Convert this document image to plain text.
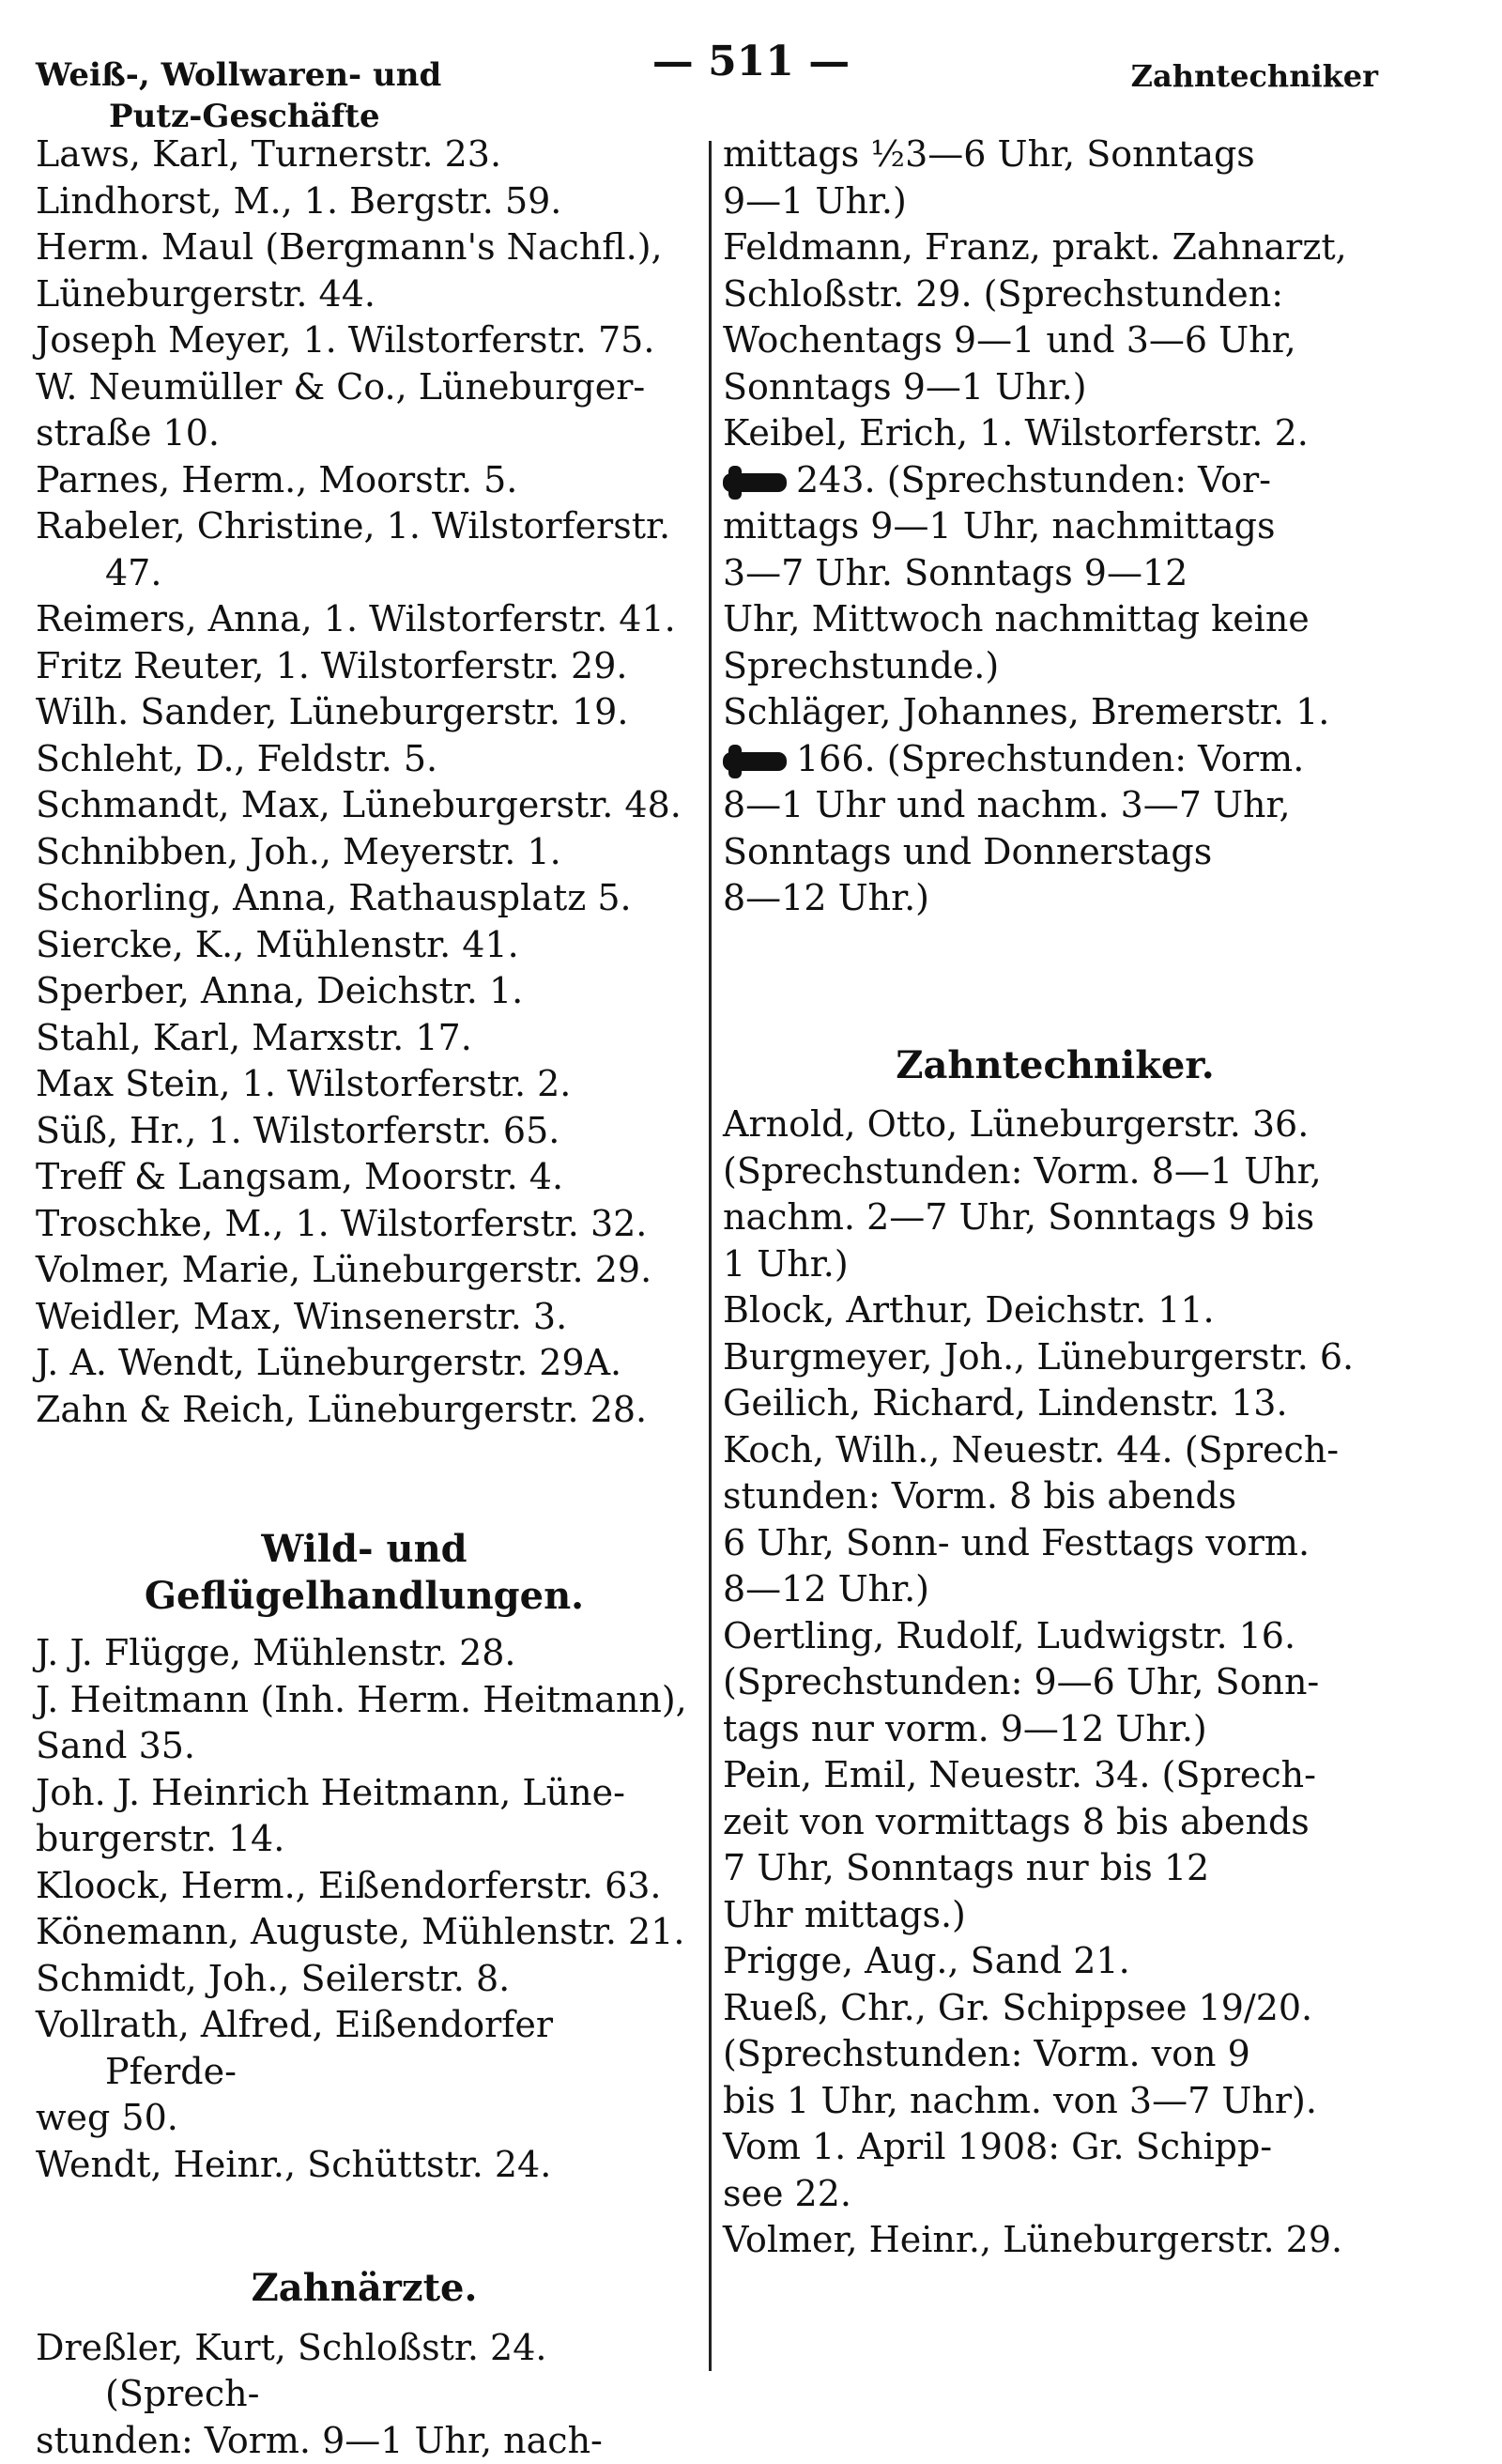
Weiß-, Wollwaren- und
Putz-Geschäfte
— 511 —	Zahntechniker

Laws, Karl, Turnerstr. 23.

Lindhorst, M., 1. Bergstr. 59.

Herm. Maul (Bergmann's Nachfl.),
Lüneburgerstr. 44.

Joseph Meyer, 1. Wilstorferstr. 75.

W. Neumüller & Co., Lüneburger-
straße 10.

Parnes, Herm., Moorstr. 5.

Rabeler, Christine, 1. Wilstorferstr. 47.

Reimers, Anna, 1. Wilstorferstr. 41.

Fritz Reuter, 1. Wilstorferstr. 29.

Wilh. Sander, Lüneburgerstr. 19.

Schleht, D., Feldstr. 5.

Schmandt, Max, Lüneburgerstr. 48.

Schnibben, Joh., Meyerstr. 1.

Schorling, Anna, Rathausplatz 5.

Siercke, K., Mühlenstr. 41.

Sperber, Anna, Deichstr. 1.

Stahl, Karl, Marxstr. 17.

Max Stein, 1. Wilstorferstr. 2.

Süß, Hr., 1. Wilstorferstr. 65.

Treff & Langsam, Moorstr. 4.

Troschke, M., 1. Wilstorferstr. 32.

Volmer, Marie, Lüneburgerstr. 29.

Weidler, Max, Winsenerstr. 3.

J. A. Wendt, Lüneburgerstr. 29A.

Zahn & Reich, Lüneburgerstr. 28.

Wild- und Geflügelhandlungen.

J. J. Flügge, Mühlenstr. 28.

J. Heitmann (Inh. Herm. Heitmann),
Sand 35.

Joh. J. Heinrich Heitmann, Lüne-
burgerstr. 14.

Kloock, Herm., Eißendorferstr. 63.

Könemann, Auguste, Mühlenstr. 21.

Schmidt, Joh., Seilerstr. 8.

Vollrath, Alfred, Eißendorfer Pferde-
weg 50.

Wendt, Heinr., Schüttstr. 24.

Zahnärzte.

Dreßler, Kurt, Schloßstr. 24. (Sprech-
stunden: Vorm. 9—1 Uhr, nach-

mittags ½3—6 Uhr, Sonntags
9—1 Uhr.)

Feldmann, Franz, prakt. Zahnarzt,
Schloßstr. 29. (Sprechstunden:
Wochentags 9—1 und 3—6 Uhr,
Sonntags 9—1 Uhr.)

Keibel, Erich, 1. Wilstorferstr. 2.
243. (Sprechstunden: Vor-
mittags 9—1 Uhr, nachmittags
3—7 Uhr. Sonntags 9—12
Uhr, Mittwoch nachmittag keine
Sprechstunde.)

Schläger, Johannes, Bremerstr. 1.
166. (Sprechstunden: Vorm.
8—1 Uhr und nachm. 3—7 Uhr,
Sonntags und Donnerstags
8—12 Uhr.)

Zahntechniker.

Arnold, Otto, Lüneburgerstr. 36.
(Sprechstunden: Vorm. 8—1 Uhr,
nachm. 2—7 Uhr, Sonntags 9 bis
1 Uhr.)

Block, Arthur, Deichstr. 11.

Burgmeyer, Joh., Lüneburgerstr. 6.

Geilich, Richard, Lindenstr. 13.

Koch, Wilh., Neuestr. 44. (Sprech-
stunden: Vorm. 8 bis abends
6 Uhr, Sonn- und Festtags vorm.
8—12 Uhr.)

Oertling, Rudolf, Ludwigstr. 16.
(Sprechstunden: 9—6 Uhr, Sonn-
tags nur vorm. 9—12 Uhr.)

Pein, Emil, Neuestr. 34. (Sprech-
zeit von vormittags 8 bis abends
7 Uhr, Sonntags nur bis 12
Uhr mittags.)

Prigge, Aug., Sand 21.

Rueß, Chr., Gr. Schippsee 19/20.
(Sprechstunden: Vorm. von 9
bis 1 Uhr, nachm. von 3—7 Uhr).
Vom 1. April 1908: Gr. Schipp-
see 22.

Volmer, Heinr., Lüneburgerstr. 29.
